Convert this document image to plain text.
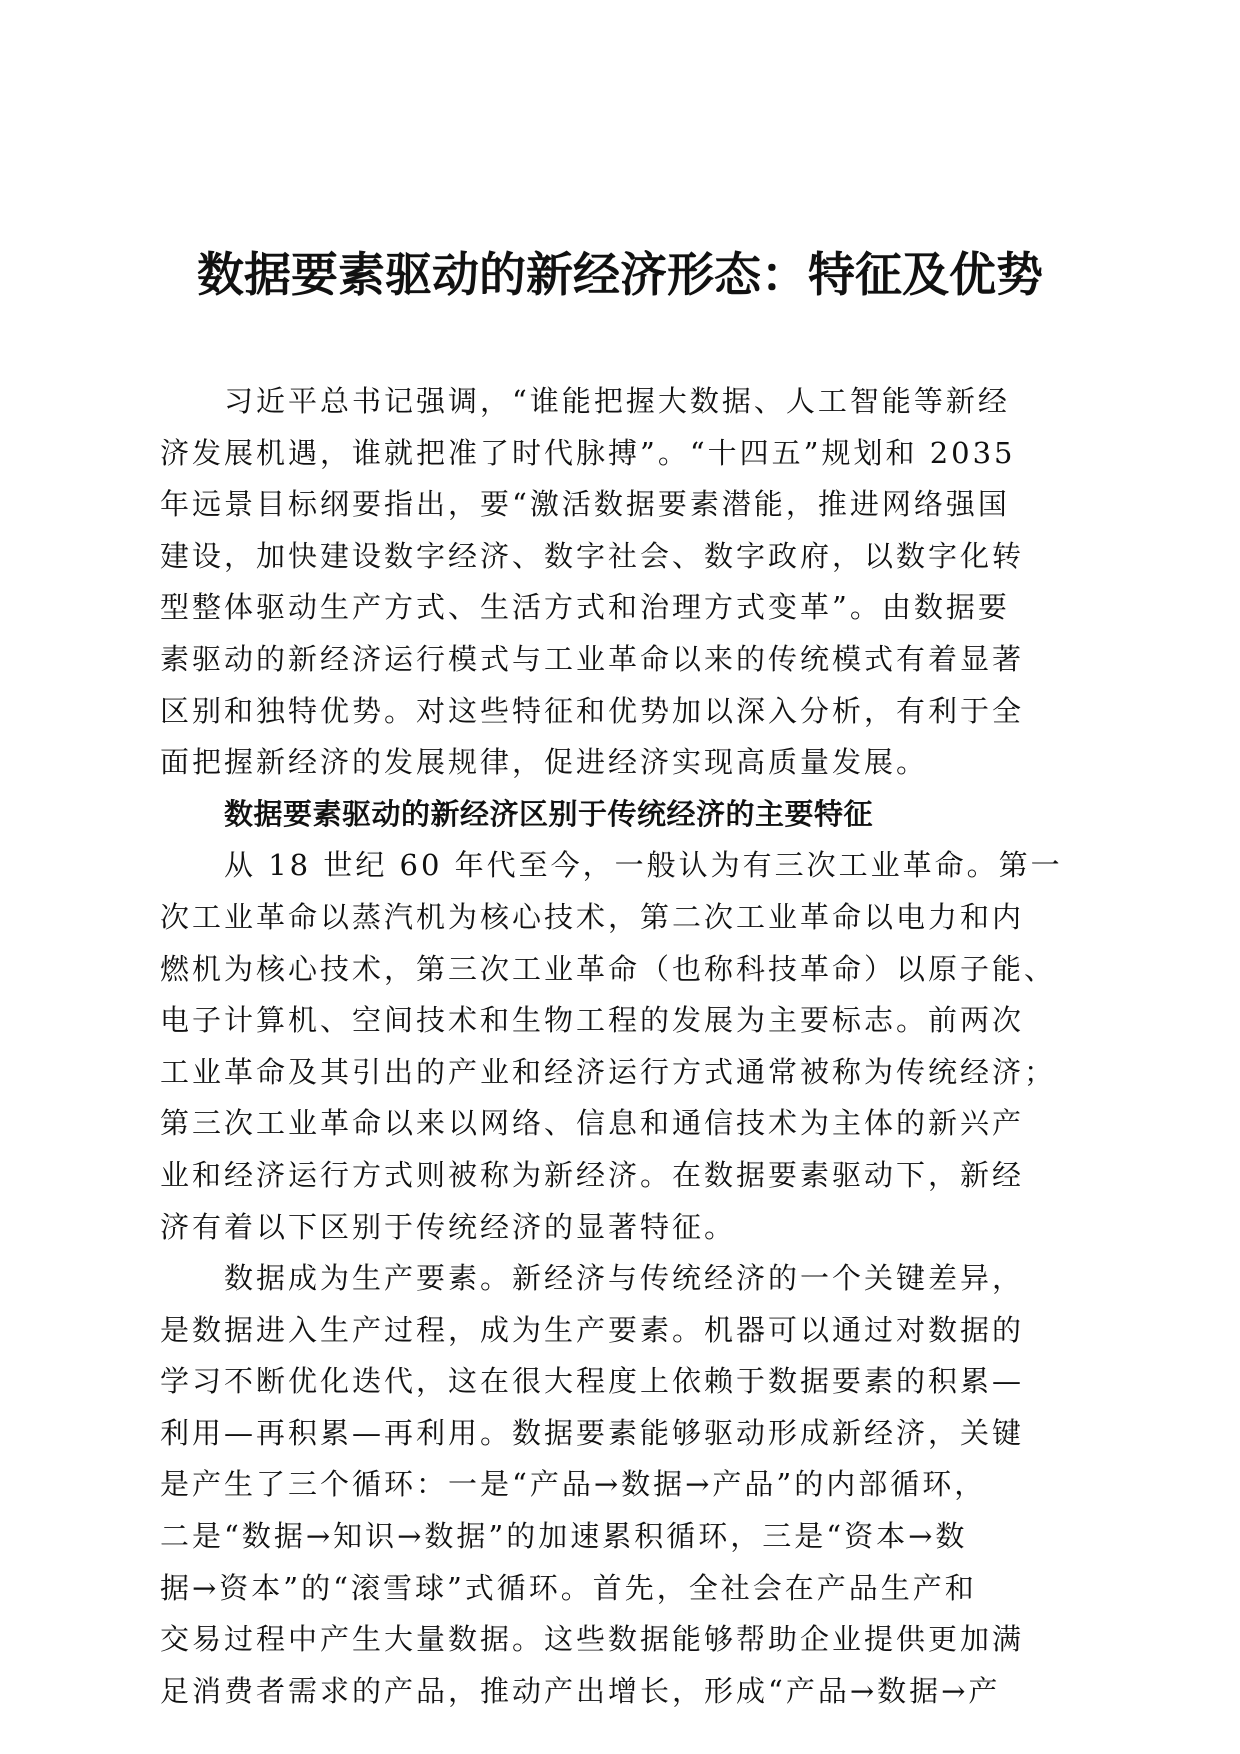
数据要素驱动的新经济形态：特征及优势

习近平总书记强调，“谁能把握大数据、人工智能等新经
济发展机遇，谁就把准了时代脉搏”。“十四五”规划和 2035
年远景目标纲要指出，要“激活数据要素潜能，推进网络强国
建设，加快建设数字经济、数字社会、数字政府，以数字化转
型整体驱动生产方式、生活方式和治理方式变革”。由数据要
素驱动的新经济运行模式与工业革命以来的传统模式有着显著
区别和独特优势。对这些特征和优势加以深入分析，有利于全
面把握新经济的发展规律，促进经济实现高质量发展。

数据要素驱动的新经济区别于传统经济的主要特征

从 18 世纪 60 年代至今，一般认为有三次工业革命。第一
次工业革命以蒸汽机为核心技术，第二次工业革命以电力和内
燃机为核心技术，第三次工业革命（也称科技革命）以原子能、
电子计算机、空间技术和生物工程的发展为主要标志。前两次
工业革命及其引出的产业和经济运行方式通常被称为传统经济；
第三次工业革命以来以网络、信息和通信技术为主体的新兴产
业和经济运行方式则被称为新经济。在数据要素驱动下，新经
济有着以下区别于传统经济的显著特征。

数据成为生产要素。新经济与传统经济的一个关键差异，
是数据进入生产过程，成为生产要素。机器可以通过对数据的
学习不断优化迭代，这在很大程度上依赖于数据要素的积累—
利用—再积累—再利用。数据要素能够驱动形成新经济，关键
是产生了三个循环：一是“产品→数据→产品”的内部循环，
二是“数据→知识→数据”的加速累积循环，三是“资本→数
据→资本”的“滚雪球”式循环。首先，全社会在产品生产和
交易过程中产生大量数据。这些数据能够帮助企业提供更加满
足消费者需求的产品，推动产出增长，形成“产品→数据→产
